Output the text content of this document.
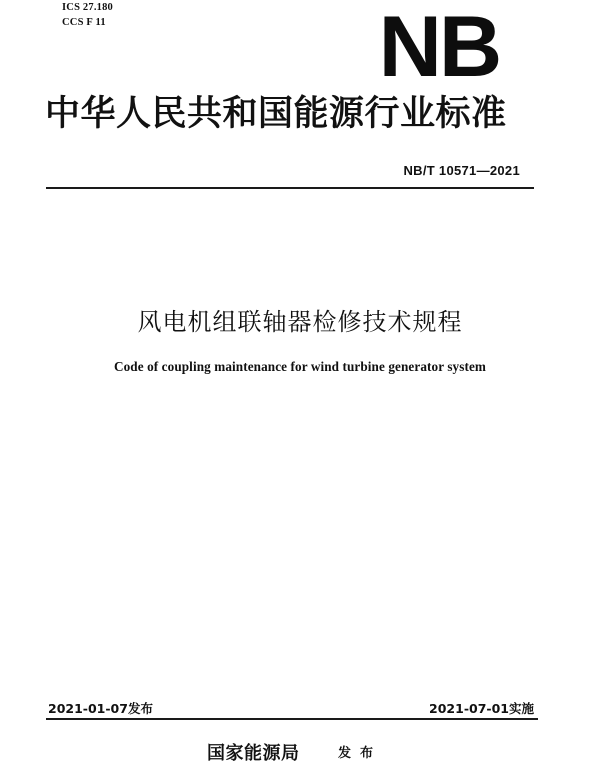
ICS 27.180
CCS F 11	NB
中华人民共和国能源行业标准
NB/T 10571—2021
风电机组联轴器检修技术规程
Code of coupling maintenance for wind turbine generator system
2021-01-07发布	2021-07-01实施
国家能源局	发布
